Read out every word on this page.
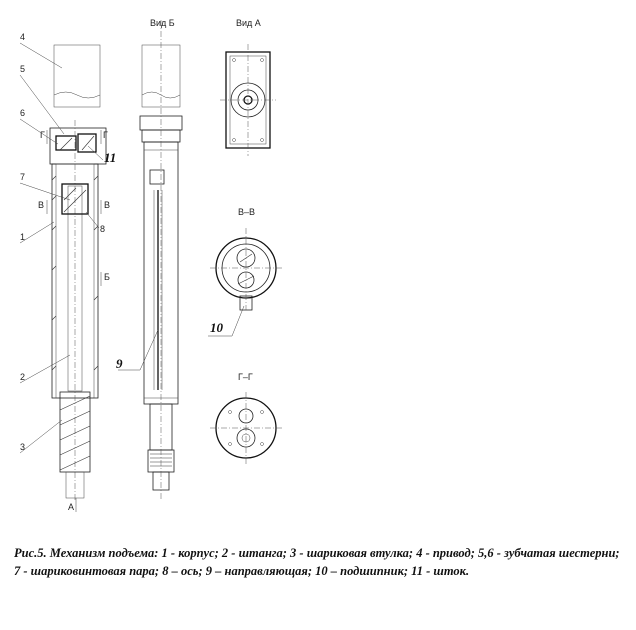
Г	Г
В	В
Б
А
4
5
6
7
1
2
3
8
11
Вид Б
9
Вид А
В–В
10
Г–Г

Рис.5. Механизм подъема: 1 - корпус; 2 - штанга; 3 - шариковая втулка; 4 - привод; 5,6 - зубчатая шестерни; 7 - шариковинтовая пара; 8 – ось; 9 – направляющая; 10 – подшипник; 11 - шток.
